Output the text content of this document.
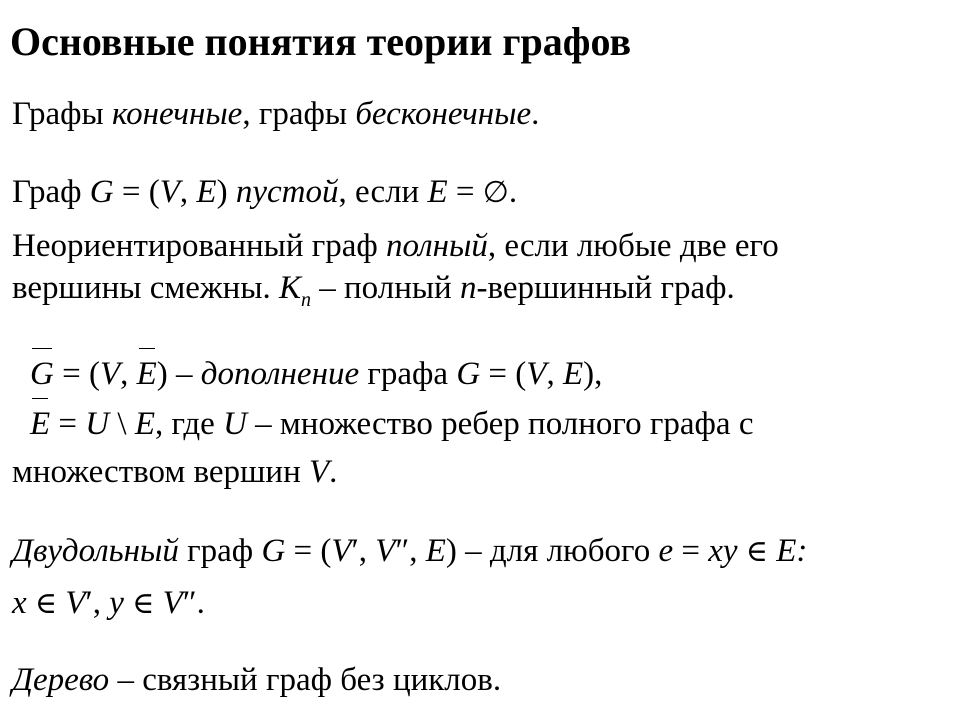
Основные понятия теории графов
Графы конечные, графы бесконечные.
Граф G = (V, E) пустой, если E = ∅.
Неориентированный граф полный, если любые две его
вершины смежны. $K_n$ – полный n-вершинный граф.
G = (V, E) – дополнение графа G = (V, E),
E = U \ E, где U – множество ребер полного графа с
множеством вершин V.
Двудольный граф G = (V′, V″, E) – для любого e = xy ∈ E:
x ∈ V′, y ∈ V″.
Дерево – связный граф без циклов.
